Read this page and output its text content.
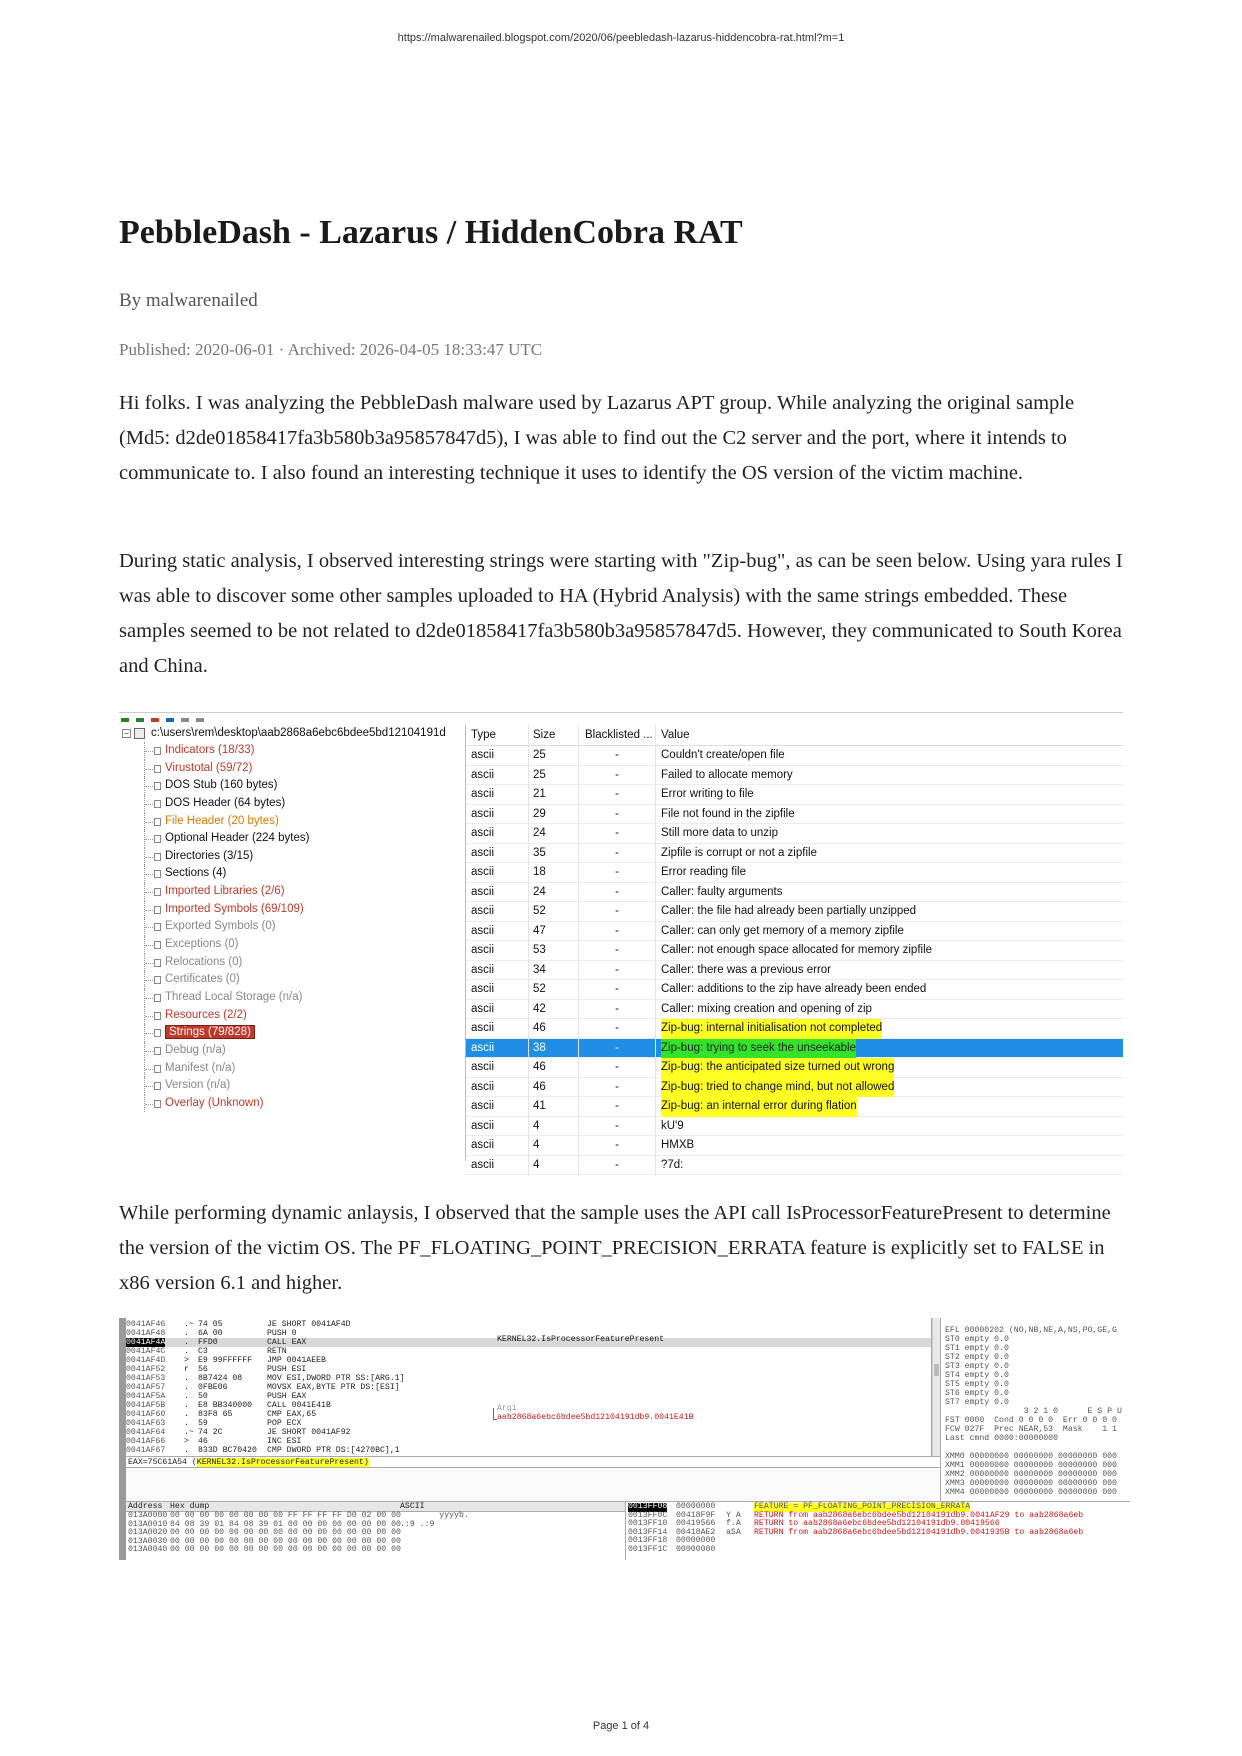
https://malwarenailed.blogspot.com/2020/06/peebledash-lazarus-hiddencobra-rat.html?m=1
PebbleDash - Lazarus / HiddenCobra RAT
By malwarenailed
Published: 2020-06-01 · Archived: 2026-04-05 18:33:47 UTC

Hi folks. I was analyzing the PebbleDash malware used by Lazarus APT group. While analyzing the original sample (Md5: d2de01858417fa3b580b3a95857847d5), I was able to find out the C2 server and the port, where it intends to communicate to. I also found an interesting technique it uses to identify the OS version of the victim machine.

During static analysis, I observed interesting strings were starting with "Zip-bug", as can be seen below. Using yara rules I was able to discover some other samples uploaded to HA (Hybrid Analysis) with the same strings embedded. These samples seemed to be not related to d2de01858417fa3b580b3a95857847d5. However, they communicated to South Korea and China.

− c:\users\rem\desktop\aab2868a6ebc6bdee5bd12104191d
Indicators (18/33)
Virustotal (59/72)
DOS Stub (160 bytes)
DOS Header (64 bytes)
File Header (20 bytes)
Optional Header (224 bytes)
Directories (3/15)
Sections (4)
Imported Libraries (2/6)
Imported Symbols (69/109)
Exported Symbols (0)
Exceptions (0)
Relocations (0)
Certificates (0)
Thread Local Storage (n/a)
Resources (2/2)
Strings (79/828)
Debug (n/a)
Manifest (n/a)
Version (n/a)
Overlay (Unknown)
Type	Size	Blacklisted ... Value
ascii	25	-	Couldn't create/open file
ascii	25	-	Failed to allocate memory
ascii	21	-	Error writing to file
ascii	29	-	File not found in the zipfile
ascii	24	-	Still more data to unzip
ascii	35	-	Zipfile is corrupt or not a zipfile
ascii	18	-	Error reading file
ascii	24	-	Caller: faulty arguments
ascii	52	-	Caller: the file had already been partially unzipped
ascii	47	-	Caller: can only get memory of a memory zipfile
ascii	53	-	Caller: not enough space allocated for memory zipfile
ascii	34	-	Caller: there was a previous error
ascii	52	-	Caller: additions to the zip have already been ended
ascii	42	-	Caller: mixing creation and opening of zip
ascii	46	-	Zip-bug: internal initialisation not completed
ascii	38	-	Zip-bug: trying to seek the unseekable
ascii	46	-	Zip-bug: the anticipated size turned out wrong
ascii	46	-	Zip-bug: tried to change mind, but not allowed
ascii	41	-	Zip-bug: an internal error during flation
ascii	4	-	kU'9
ascii	4	-	HMXB
ascii	4	-	?7d:

While performing dynamic anlaysis, I observed that the sample uses the API call IsProcessorFeaturePresent to determine the version of the victim OS. The PF_FLOATING_POINT_PRECISION_ERRATA feature is explicitly set to FALSE in x86 version 6.1 and higher.

0041AF46 .~ 74 05	JE SHORT 0041AF4D
0041AF48 . 6A 00	PUSH 0
0041AF4A . FFD0	CALL EAX
0041AF4C . C3	RETN
0041AF4D > E9 99FFFFFF JMP 0041AEEB
0041AF52 r 56	PUSH ESI
0041AF53 . 8B7424 08	MOV ESI,DWORD PTR SS:[ARG.1]
0041AF57 . 0FBE06	MOVSX EAX,BYTE PTR DS:[ESI]
0041AF5A . 50	PUSH EAX
0041AF5B . E8 BB340000 CALL 0041E41B
0041AF60 . 83F8 65	CMP EAX,65
0041AF63 . 59	POP ECX
0041AF64 .~ 74 2C	JE SHORT 0041AF92
0041AF66 > 46	INC ESI
0041AF67 . 833D BC70420 CMP DWORD PTR DS:[4270BC],1
KERNEL32.IsProcessorFeaturePresent
Arg1
aab2868a6ebc6bdee5bd12104191db9.0041E41B
EAX=75C61A54 (KERNEL32.IsProcessorFeaturePresent)
EFL 00000202 (NO,NB,NE,A,NS,PO,GE,G
ST0 empty 0.0
ST1 empty 0.0
ST2 empty 0.0
ST3 empty 0.0
ST4 empty 0.0
ST5 empty 0.0
ST6 empty 0.0
ST7 empty 0.0
3 2 1 0      E S P U
FST 0000  Cond 0 0 0 0  Err 0 0 0 0
FCW 027F  Prec NEAR,53  Mask    1 1
Last cmnd 0000:00000000
XMM0 00000000 00000000 00000000 000
XMM1 00000000 00000000 00000000 000
XMM2 00000000 00000000 00000000 000
XMM3 00000000 00000000 00000000 000
XMM4 00000000 00000000 00000000 000
Address Hex dump	ASCII
013A0000 00 00 00 00 00 00 00 00 FF FF FF FF D0 02 00 00 yyyyb.
013A0010 84 08 39 01 84 08 39 01 00 00 00 00 00 00 00 00 .:9 .:9
013A0020 00 00 00 00 00 00 00 00 00 00 00 00 00 00 00 00
013A0030 00 00 00 00 00 00 00 00 00 00 00 00 00 00 00 00
013A0040 00 00 00 00 00 00 00 00 00 00 00 00 00 00 00 00
0013FF08 00000000	FEATURE = PF_FLOATING_POINT_PRECISION_ERRATA
0013FF0C 00418F9F Y A RETURN from aab2868a6ebc6bdee5bd12104191db9.0041AF29 to aab2868a6eb
0013FF10 00419566 f.A RETURN to aab2868a6ebc6bdee5bd12104191db9.00419566
0013FF14 00418AE2 aSA RETURN from aab2868a6ebc6bdee5bd12104191db9.0041935B to aab2868a6eb
0013FF18 00000000
0013FF1C 00000000
Page 1 of 4
